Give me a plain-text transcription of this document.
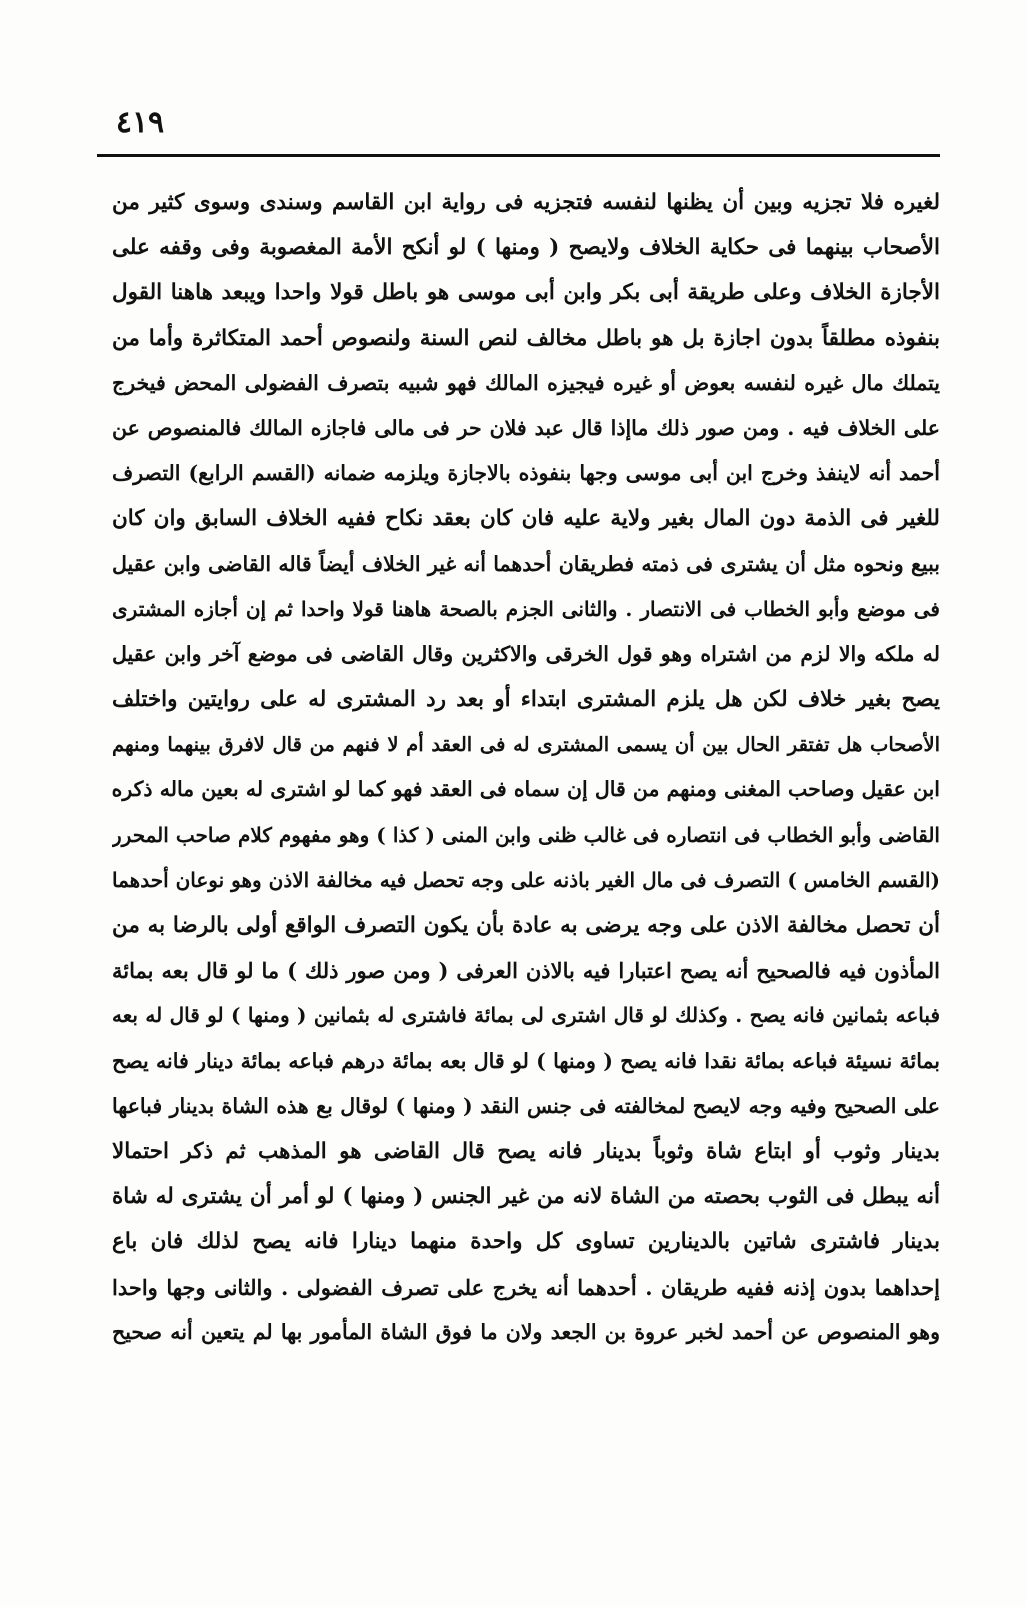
٤١٩
لغيره فلا تجزيه وبين أن يظنها لنفسه فتجزيه فى رواية ابن القاسم وسندى وسوى كثير من
الأصحاب بينهما فى حكاية الخلاف ولايصح ( ومنها ) لو أنكح الأمة المغصوبة وفى وقفه على
الأجازة الخلاف وعلى طريقة أبى بكر وابن أبى موسى هو باطل قولا واحدا ويبعد هاهنا القول
بنفوذه مطلقاً بدون اجازة بل هو باطل مخالف لنص السنة ولنصوص أحمد المتكاثرة وأما من
يتملك مال غيره لنفسه بعوض أو غيره فيجيزه المالك فهو شبيه بتصرف الفضولى المحض فيخرج
على الخلاف فيه . ومن صور ذلك ماإذا قال عبد فلان حر فى مالى فاجازه المالك فالمنصوص عن
أحمد أنه لاينفذ وخرج ابن أبى موسى وجها بنفوذه بالاجازة ويلزمه ضمانه (القسم الرابع) التصرف
للغير فى الذمة دون المال بغير ولاية عليه فان كان بعقد نكاح ففيه الخلاف السابق وان كان
ببيع ونحوه مثل أن يشترى فى ذمته فطريقان أحدهما أنه غير الخلاف أيضاً قاله القاضى وابن عقيل
فى موضع وأبو الخطاب فى الانتصار . والثانى الجزم بالصحة هاهنا قولا واحدا ثم إن أجازه المشترى
له ملكه والا لزم من اشتراه وهو قول الخرقى والاكثرين وقال القاضى فى موضع آخر وابن عقيل
يصح بغير خلاف لكن هل يلزم المشترى ابتداء أو بعد رد المشترى له على روايتين واختلف
الأصحاب هل تفتقر الحال بين أن يسمى المشترى له فى العقد أم لا فنهم من قال لافرق بينهما ومنهم
ابن عقيل وصاحب المغنى ومنهم من قال إن سماه فى العقد فهو كما لو اشترى له بعين ماله ذكره
القاضى وأبو الخطاب فى انتصاره فى غالب ظنى وابن المنى ( كذا ) وهو مفهوم كلام صاحب المحرر
(القسم الخامس ) التصرف فى مال الغير باذنه على وجه تحصل فيه مخالفة الاذن وهو نوعان أحدهما
أن تحصل مخالفة الاذن على وجه يرضى به عادة بأن يكون التصرف الواقع أولى بالرضا به من
المأذون فيه فالصحيح أنه يصح اعتبارا فيه بالاذن العرفى ( ومن صور ذلك ) ما لو قال بعه بمائة
فباعه بثمانين فانه يصح . وكذلك لو قال اشترى لى بمائة فاشترى له بثمانين ( ومنها ) لو قال له بعه
بمائة نسيئة فباعه بمائة نقدا فانه يصح ( ومنها ) لو قال بعه بمائة درهم فباعه بمائة دينار فانه يصح
على الصحيح وفيه وجه لايصح لمخالفته فى جنس النقد ( ومنها ) لوقال بع هذه الشاة بدينار فباعها
بدينار وثوب أو ابتاع شاة وثوباً بدينار فانه يصح قال القاضى هو المذهب ثم ذكر احتمالا
أنه يبطل فى الثوب بحصته من الشاة لانه من غير الجنس ( ومنها ) لو أمر أن يشترى له شاة
بدينار فاشترى شاتين بالدينارين تساوى كل واحدة منهما دينارا فانه يصح لذلك فان باع
إحداهما بدون إذنه ففيه طريقان . أحدهما أنه يخرج على تصرف الفضولى . والثانى وجها واحدا
وهو المنصوص عن أحمد لخبر عروة بن الجعد ولان ما فوق الشاة المأمور بها لم يتعين أنه صحيح
